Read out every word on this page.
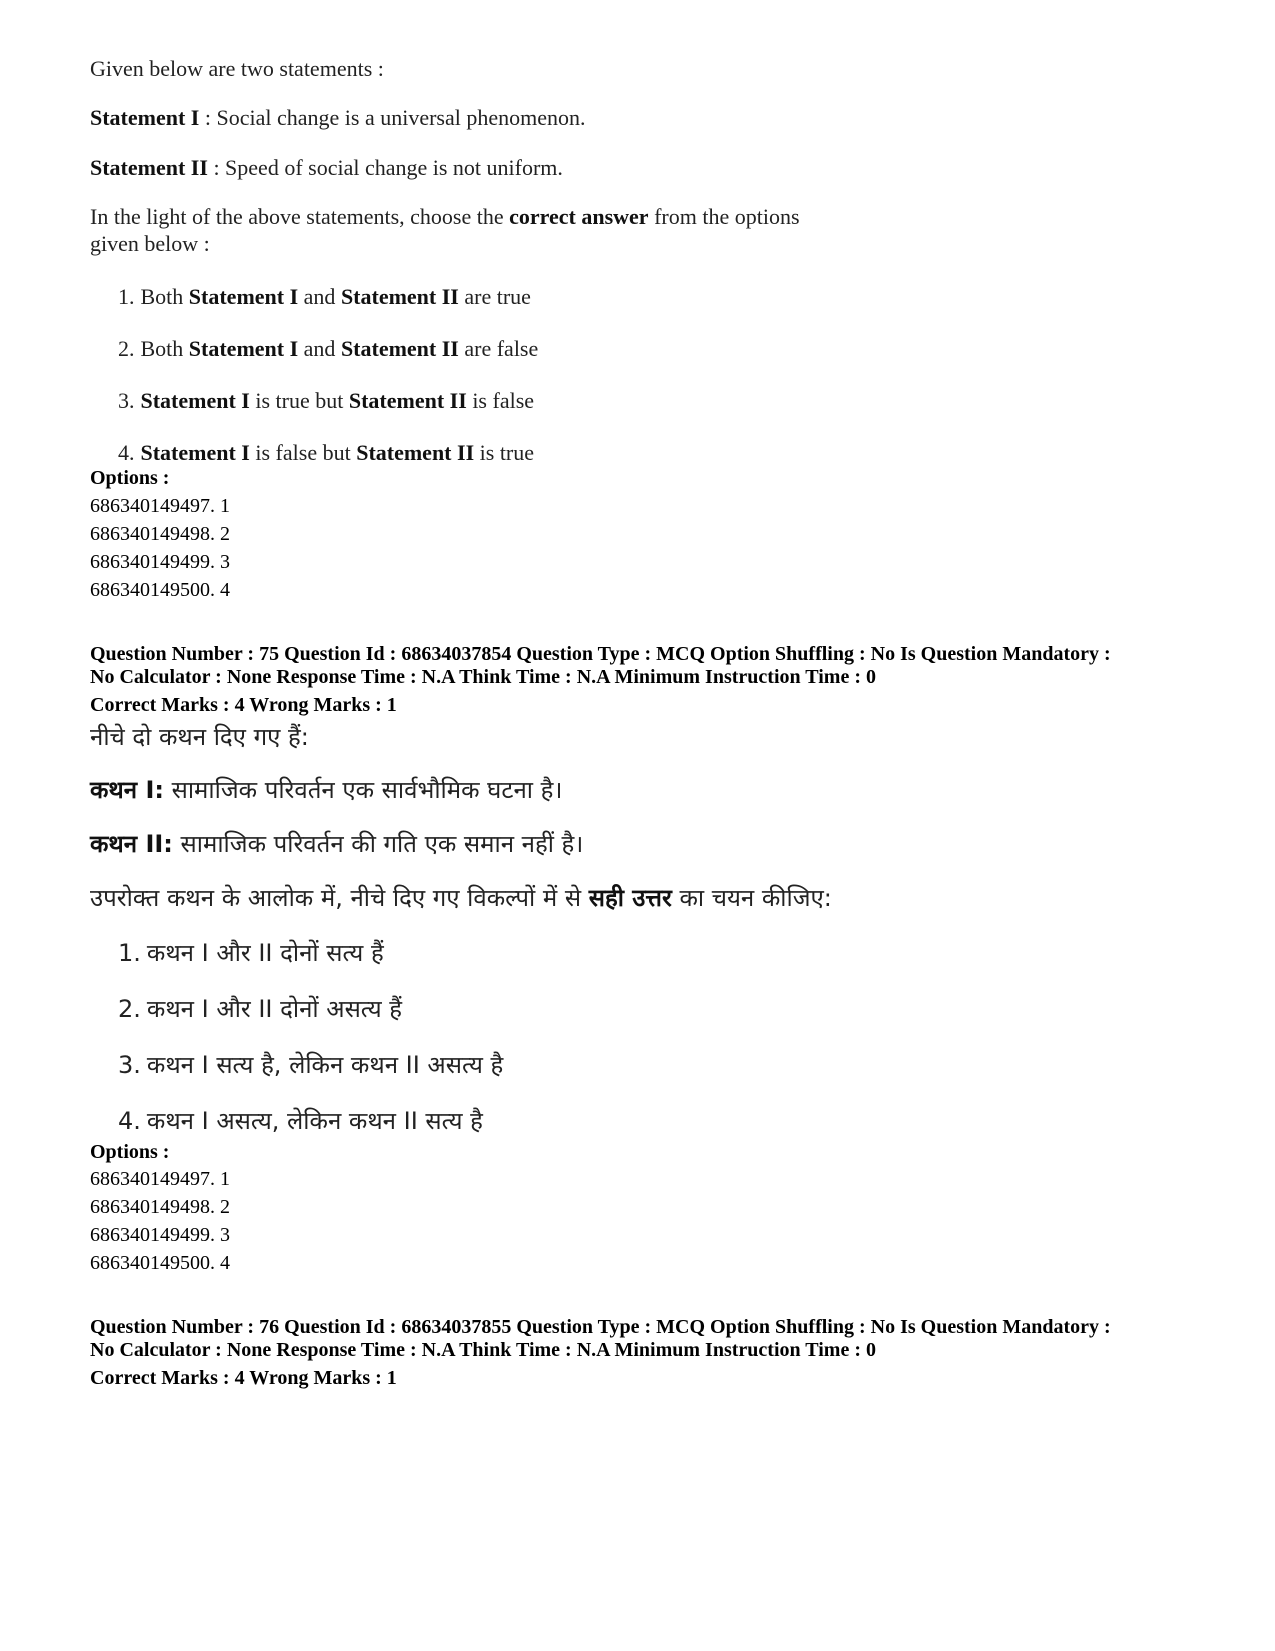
Given below are two statements :
Statement I : Social change is a universal phenomenon.
Statement II : Speed of social change is not uniform.
In the light of the above statements, choose the correct answer from the options
given below :
1. Both Statement I and Statement II are true
2. Both Statement I and Statement II are false
3. Statement I is true but Statement II is false
4. Statement I is false but Statement II is true
Options :
686340149497. 1
686340149498. 2
686340149499. 3
686340149500. 4
Question Number : 75 Question Id : 68634037854 Question Type : MCQ Option Shuffling : No Is Question Mandatory :
No Calculator : None Response Time : N.A Think Time : N.A Minimum Instruction Time : 0
Correct Marks : 4 Wrong Marks : 1
नीचे दो कथन दिए गए हैं:
कथन I: सामाजिक परिवर्तन एक सार्वभौमिक घटना है।
कथन II: सामाजिक परिवर्तन की गति एक समान नहीं है।
उपरोक्त कथन के आलोक में, नीचे दिए गए विकल्पों में से सही उत्तर का चयन कीजिए:
1. कथन I और II दोनों सत्य हैं
2. कथन I और II दोनों असत्य हैं
3. कथन I सत्य है, लेकिन कथन II असत्य है
4. कथन I असत्य, लेकिन कथन II सत्य है
Options :
686340149497. 1
686340149498. 2
686340149499. 3
686340149500. 4
Question Number : 76 Question Id : 68634037855 Question Type : MCQ Option Shuffling : No Is Question Mandatory :
No Calculator : None Response Time : N.A Think Time : N.A Minimum Instruction Time : 0
Correct Marks : 4 Wrong Marks : 1
